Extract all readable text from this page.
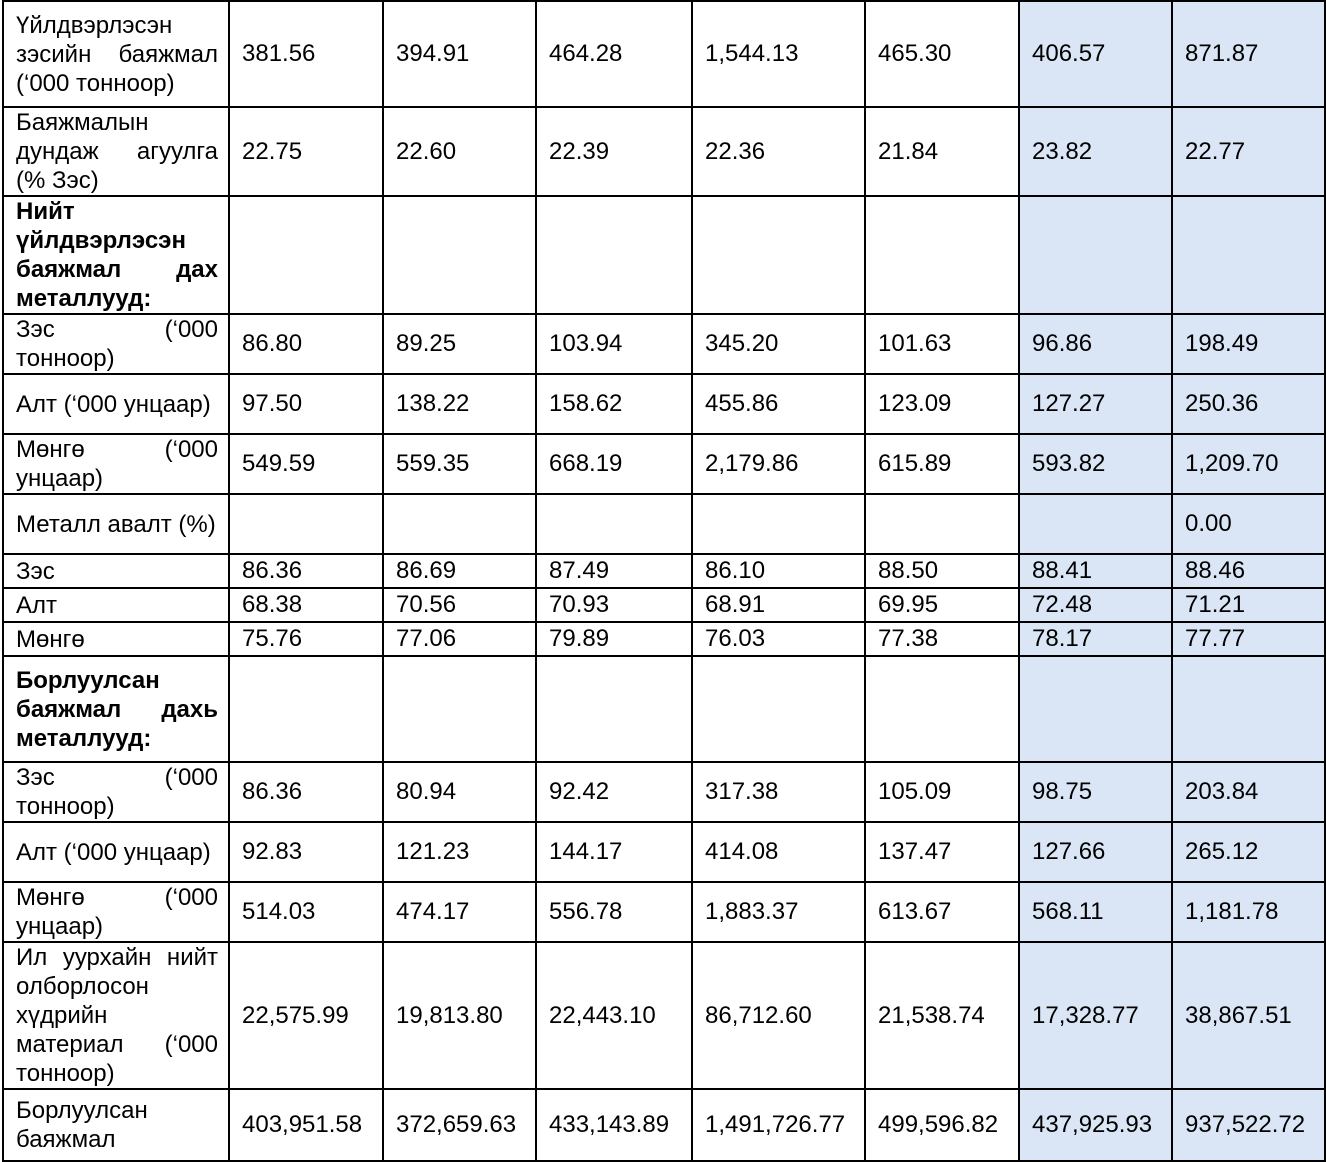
Үйлдвэрлэсэн зэсийн баяжмал (‘000 тонноор)	381.56	394.91	464.28	1,544.13	465.30	406.57	871.87

Баяжмалын дундаж агуулга (% Зэс)	22.75	22.60	22.39	22.36	21.84	23.82	22.77

Нийт үйлдвэрлэсэн баяжмал дах металлууд:							

Зэс (‘000 тонноор)	86.80	89.25	103.94	345.20	101.63	96.86	198.49

Алт (‘000 унцаар)	97.50	138.22	158.62	455.86	123.09	127.27	250.36

Мөнгө (‘000 унцаар)	549.59	559.35	668.19	2,179.86	615.89	593.82	1,209.70

Металл авалт (%)							0.00

Зэс	86.36	86.69	87.49	86.10	88.50	88.41	88.46

Алт	68.38	70.56	70.93	68.91	69.95	72.48	71.21

Мөнгө	75.76	77.06	79.89	76.03	77.38	78.17	77.77

Борлуулсан баяжмал дахь металлууд:							

Зэс (‘000 тонноор)	86.36	80.94	92.42	317.38	105.09	98.75	203.84

Алт (‘000 унцаар)	92.83	121.23	144.17	414.08	137.47	127.66	265.12

Мөнгө (‘000 унцаар)	514.03	474.17	556.78	1,883.37	613.67	568.11	1,181.78

Ил уурхайн нийт олборлосон хүдрийн материал (‘000 тонноор)	22,575.99	19,813.80	22,443.10	86,712.60	21,538.74	17,328.77	38,867.51

Борлуулсан баяжмал	403,951.58	372,659.63	433,143.89	1,491,726.77	499,596.82	437,925.93	937,522.72
